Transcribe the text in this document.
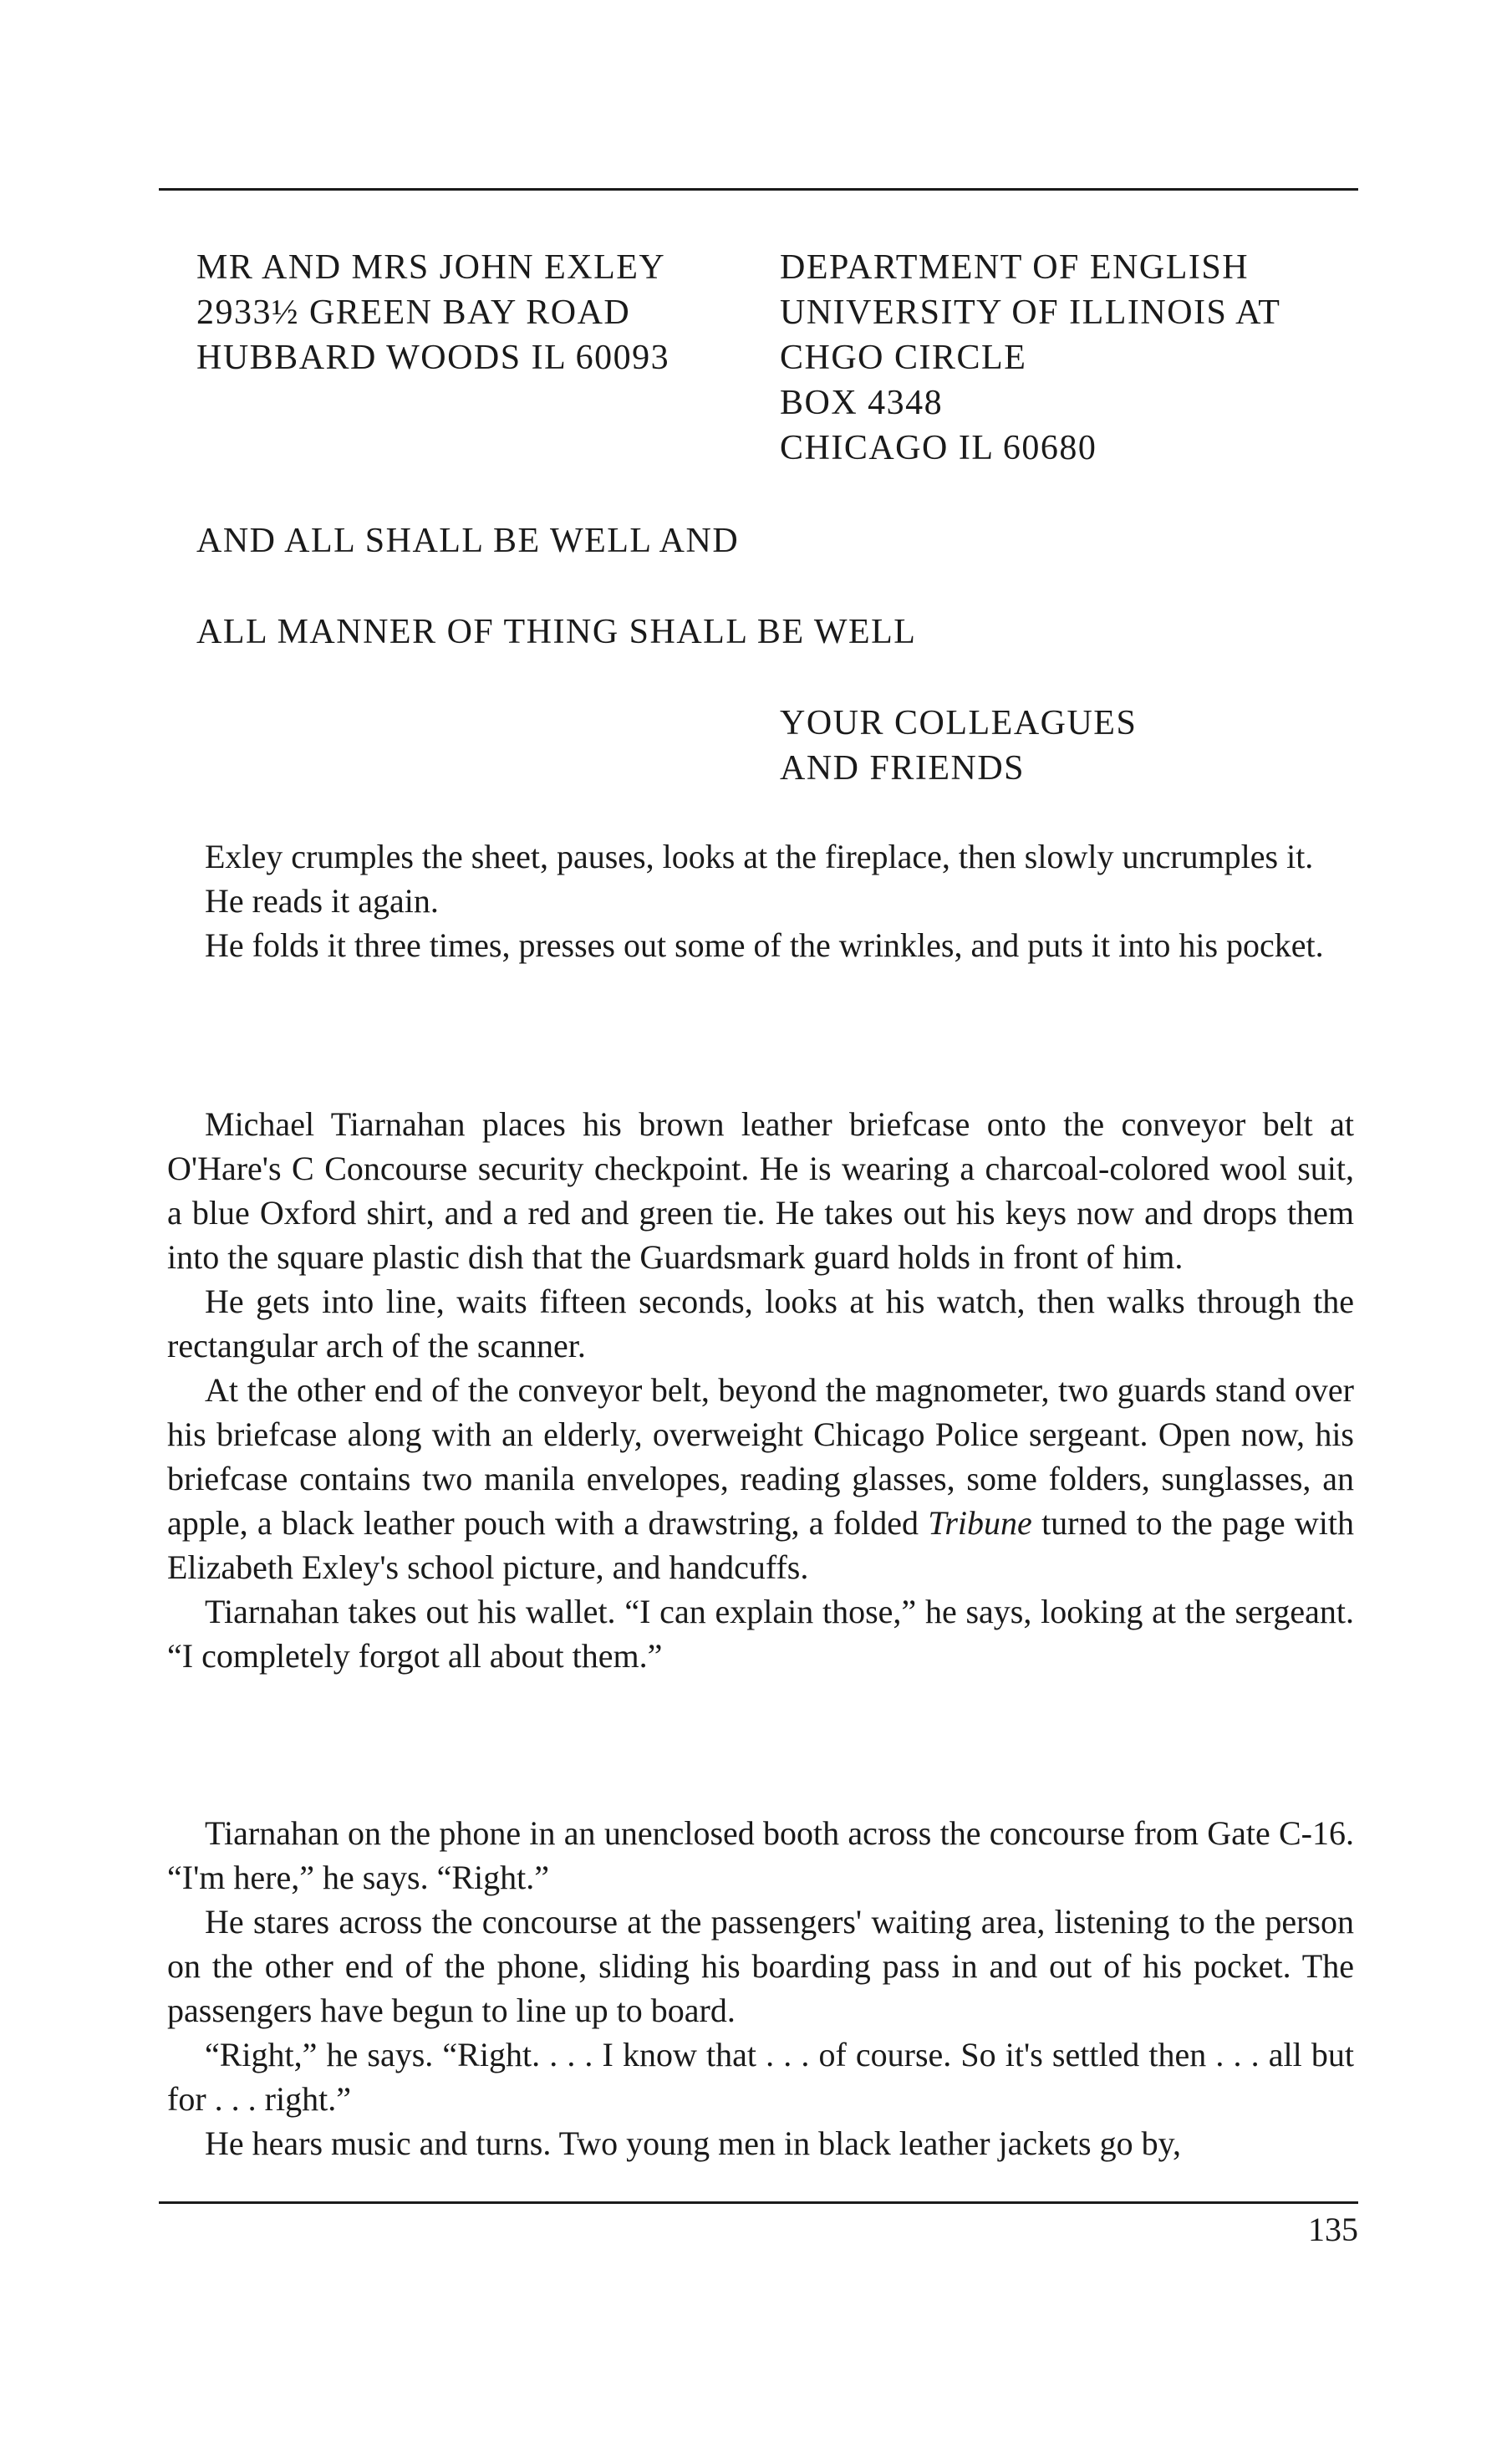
MR AND MRS JOHN EXLEY
2933½ GREEN BAY ROAD
HUBBARD WOODS IL 60093
DEPARTMENT OF ENGLISH
UNIVERSITY OF ILLINOIS AT
CHGO CIRCLE
BOX 4348
CHICAGO IL 60680
AND ALL SHALL BE WELL AND
ALL MANNER OF THING SHALL BE WELL
YOUR COLLEAGUES
AND FRIENDS

Exley crumples the sheet, pauses, looks at the fireplace, then slowly uncrumples it.

He reads it again.

He folds it three times, presses out some of the wrinkles, and puts it into his pocket.

Michael Tiarnahan places his brown leather briefcase onto the conveyor belt at O'Hare's C Concourse security checkpoint. He is wearing a charcoal-colored wool suit, a blue Oxford shirt, and a red and green tie. He takes out his keys now and drops them into the square plastic dish that the Guardsmark guard holds in front of him.

He gets into line, waits fifteen seconds, looks at his watch, then walks through the rectangular arch of the scanner.

At the other end of the conveyor belt, beyond the magnometer, two guards stand over his briefcase along with an elderly, overweight Chicago Police sergeant. Open now, his briefcase contains two manila envelopes, reading glasses, some folders, sunglasses, an apple, a black leather pouch with a drawstring, a folded Tribune turned to the page with Elizabeth Exley's school picture, and handcuffs.

Tiarnahan takes out his wallet. “I can explain those,” he says, looking at the sergeant. “I completely forgot all about them.”

Tiarnahan on the phone in an unenclosed booth across the concourse from Gate C-16. “I'm here,” he says. “Right.”

He stares across the concourse at the passengers' waiting area, listening to the person on the other end of the phone, sliding his boarding pass in and out of his pocket. The passengers have begun to line up to board.

“Right,” he says. “Right. . . . I know that . . . of course. So it's settled then . . . all but for . . . right.”

He hears music and turns. Two young men in black leather jackets go by,

135
